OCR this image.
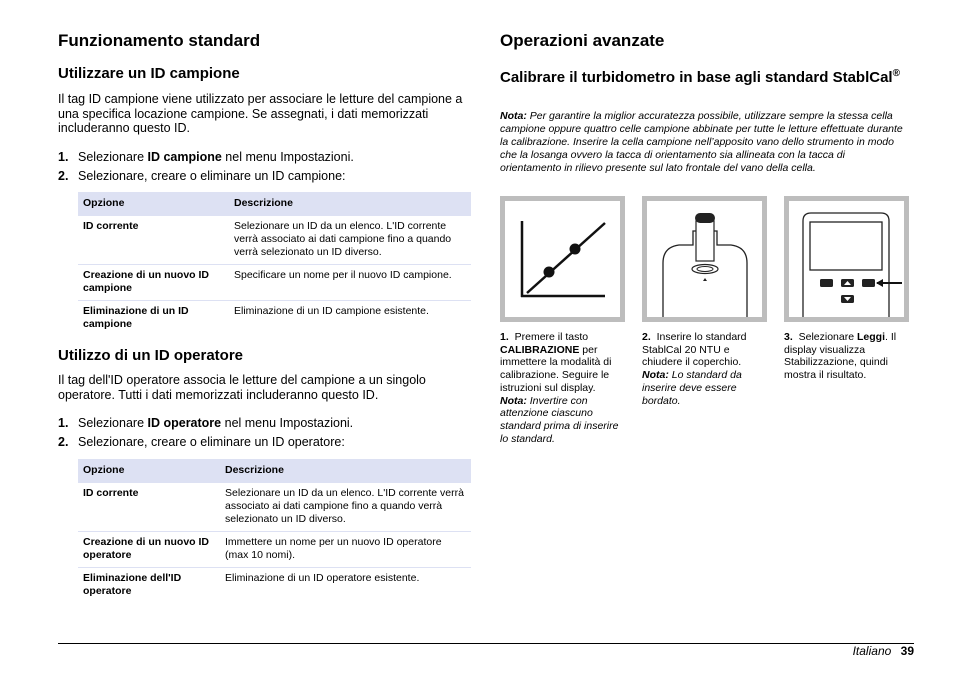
Funzionamento standard
Utilizzare un ID campione

Il tag ID campione viene utilizzato per associare le letture del campione a una specifica locazione campione. Se assegnati, i dati memorizzati includeranno questo ID.

1. Selezionare ID campione nel menu Impostazioni.
2. Selezionare, creare o eliminare un ID campione:
Opzione	Descrizione
ID corrente	Selezionare un ID da un elenco. L'ID corrente verrà associato ai dati campione fino a quando verrà selezionato un ID diverso.
Creazione di un nuovo ID campione	Specificare un nome per il nuovo ID campione.
Eliminazione di un ID campione	Eliminazione di un ID campione esistente.
Utilizzo di un ID operatore

Il tag dell'ID operatore associa le letture del campione a un singolo operatore. Tutti i dati memorizzati includeranno questo ID.

1. Selezionare ID operatore nel menu Impostazioni.
2. Selezionare, creare o eliminare un ID operatore:
Opzione	Descrizione
ID corrente	Selezionare un ID da un elenco. L'ID corrente verrà associato ai dati campione fino a quando verrà selezionato un ID diverso.
Creazione di un nuovo ID operatore	Immettere un nome per un nuovo ID operatore (max 10 nomi).
Eliminazione dell'ID operatore	Eliminazione di un ID operatore esistente.
Operazioni avanzate
Calibrare il turbidometro in base agli standard StablCal®

Nota: Per garantire la miglior accuratezza possibile, utilizzare sempre la stessa cella campione oppure quattro celle campione abbinate per tutte le letture effettuate durante la calibrazione. Inserire la cella campione nell’apposito vano dello strumento in modo che la losanga ovvero la tacca di orientamento sia allineata con la tacca di orientamento in rilievo presente sul lato frontale del vano della cella.

1. Premere il tasto CALIBRAZIONE per immettere la modalità di calibrazione. Seguire le istruzioni sul display.
Nota: Invertire con attenzione ciascuno standard prima di inserire lo standard.
2. Inserire lo standard StablCal 20 NTU e chiudere il coperchio.
Nota: Lo standard da inserire deve essere bordato.
3. Selezionare Leggi. Il display visualizza Stabilizzazione, quindi mostra il risultato.
Italiano 39
